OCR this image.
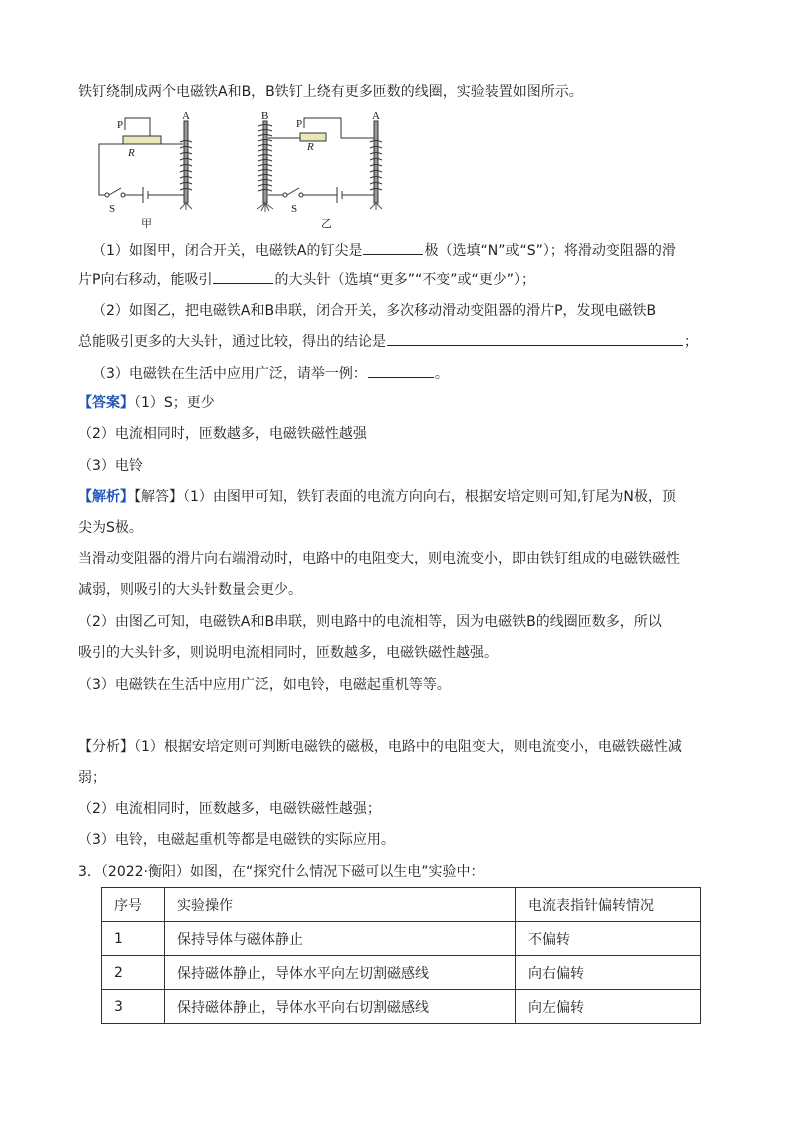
铁钉绕制成两个电磁铁A和B，B铁钉上绕有更多匝数的线圈，实验装置如图所示。
P
R
A
S
甲
B
P
R
A
S
乙
（1）如图甲，闭合开关，电磁铁A的钉尖是	极（选填“N”或“S”）；将滑动变阻器的滑
片P向右移动，能吸引	的大头针（选填“更多”“不变”或“更少”）；
（2）如图乙，把电磁铁A和B串联，闭合开关，多次移动滑动变阻器的滑片P，发现电磁铁B
总能吸引更多的大头针，通过比较，得出的结论是	；
（3）电磁铁在生活中应用广泛，请举一例：	。
【答案】（1）S；更少
（2）电流相同时，匝数越多，电磁铁磁性越强
（3）电铃
【解析】【解答】（1）由图甲可知，铁钉表面的电流方向向右，根据安培定则可知,钉尾为N极，顶
尖为S极。
当滑动变阻器的滑片向右端滑动时，电路中的电阻变大，则电流变小，即由铁钉组成的电磁铁磁性
减弱，则吸引的大头针数量会更少。
（2）由图乙可知，电磁铁A和B串联，则电路中的电流相等，因为电磁铁B的线圈匝数多，所以
吸引的大头针多，则说明电流相同时，匝数越多，电磁铁磁性越强。
（3）电磁铁在生活中应用广泛，如电铃，电磁起重机等等。
【分析】（1）根据安培定则可判断电磁铁的磁极，电路中的电阻变大，则电流变小，电磁铁磁性减
弱；
（2）电流相同时，匝数越多，电磁铁磁性越强；
（3）电铃，电磁起重机等都是电磁铁的实际应用。
3．（2022·衡阳）如图，在“探究什么情况下磁可以生电”实验中：
序号	实验操作	电流表指针偏转情况
1	保持导体与磁体静止	不偏转
2	保持磁体静止，导体水平向左切割磁感线	向右偏转
3	保持磁体静止，导体水平向右切割磁感线	向左偏转
